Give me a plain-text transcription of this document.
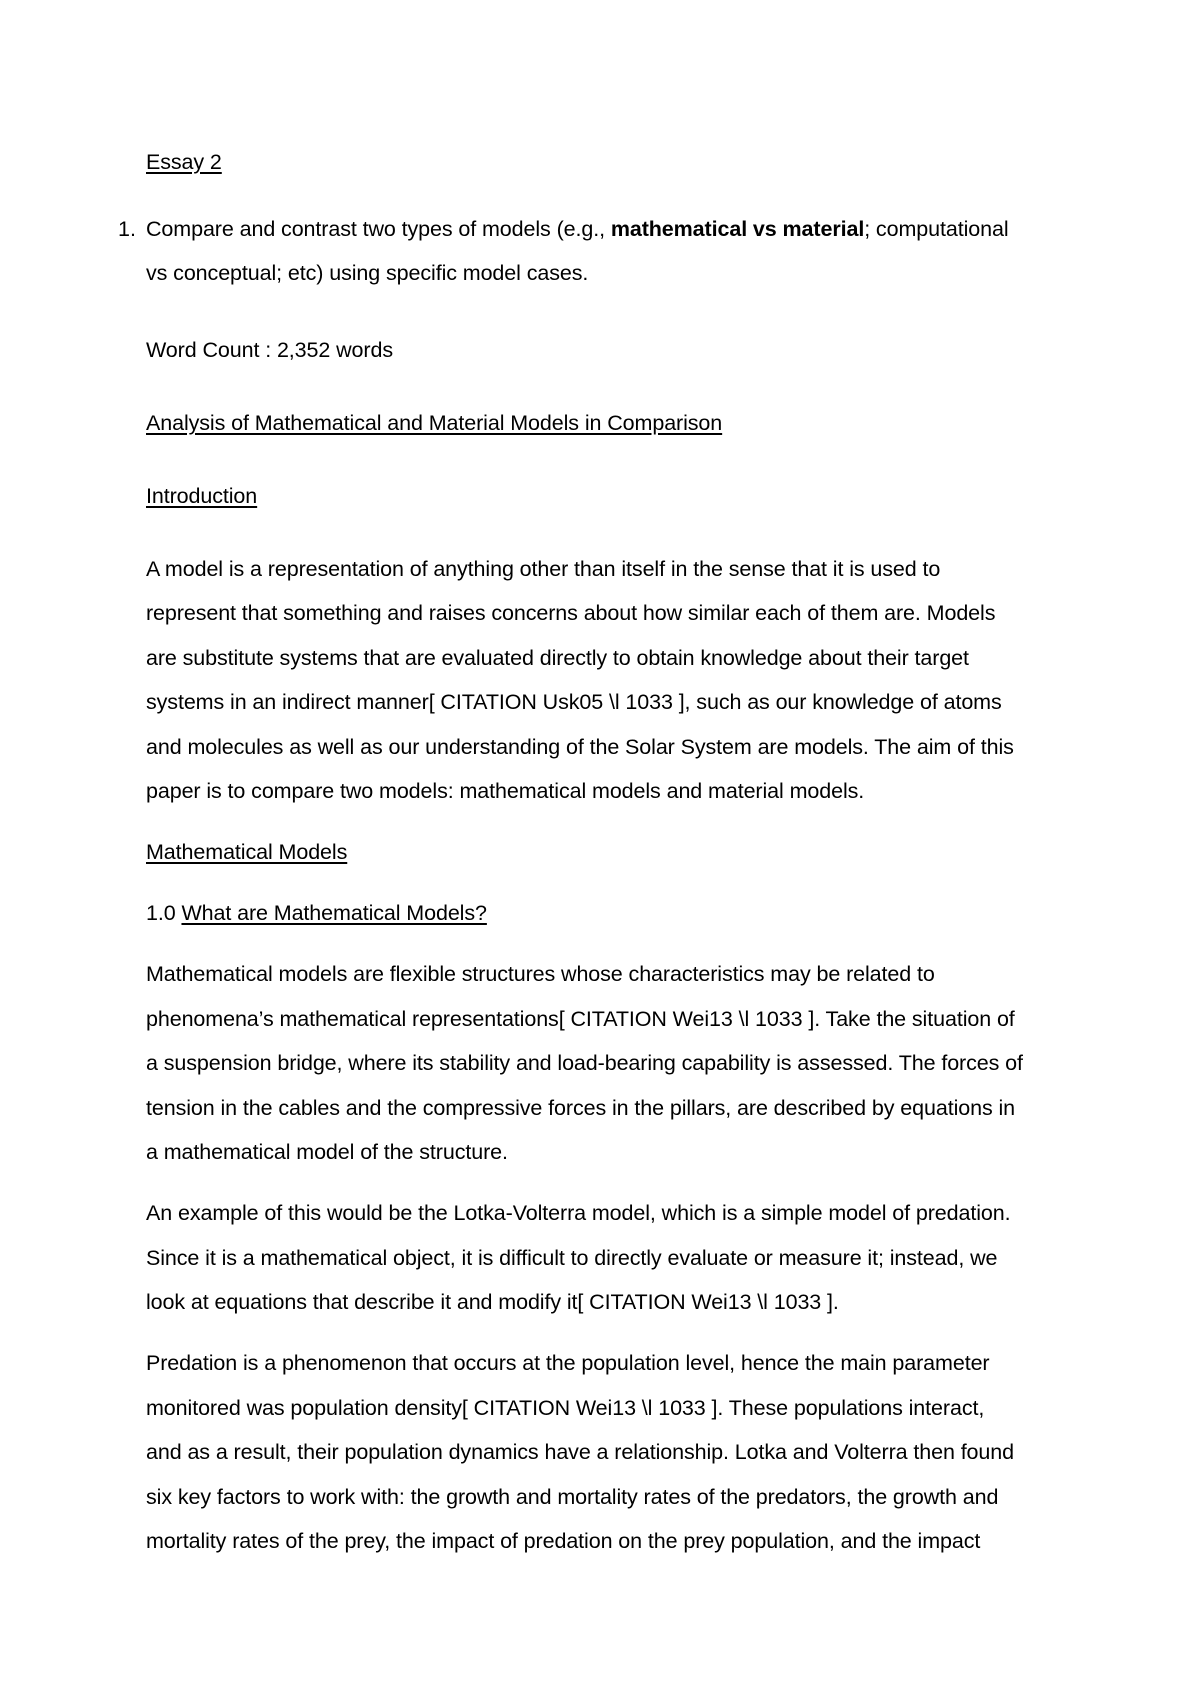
Essay 2
1. Compare and contrast two types of models (e.g., mathematical vs material; computational
vs conceptual; etc) using specific model cases.
Word Count : 2,352 words
Analysis of Mathematical and Material Models in Comparison
Introduction
A model is a representation of anything other than itself in the sense that it is used to
represent that something and raises concerns about how similar each of them are. Models
are substitute systems that are evaluated directly to obtain knowledge about their target
systems in an indirect manner[ CITATION Usk05 \l 1033 ], such as our knowledge of atoms
and molecules as well as our understanding of the Solar System are models. The aim of this
paper is to compare two models: mathematical models and material models.
Mathematical Models
1.0 What are Mathematical Models?
Mathematical models are flexible structures whose characteristics may be related to
phenomena’s mathematical representations[ CITATION Wei13 \l 1033 ]. Take the situation of
a suspension bridge, where its stability and load-bearing capability is assessed. The forces of
tension in the cables and the compressive forces in the pillars, are described by equations in
a mathematical model of the structure.
An example of this would be the Lotka-Volterra model, which is a simple model of predation.
Since it is a mathematical object, it is difficult to directly evaluate or measure it; instead, we
look at equations that describe it and modify it[ CITATION Wei13 \l 1033 ].
Predation is a phenomenon that occurs at the population level, hence the main parameter
monitored was population density[ CITATION Wei13 \l 1033 ]. These populations interact,
and as a result, their population dynamics have a relationship. Lotka and Volterra then found
six key factors to work with: the growth and mortality rates of the predators, the growth and
mortality rates of the prey, the impact of predation on the prey population, and the impact
